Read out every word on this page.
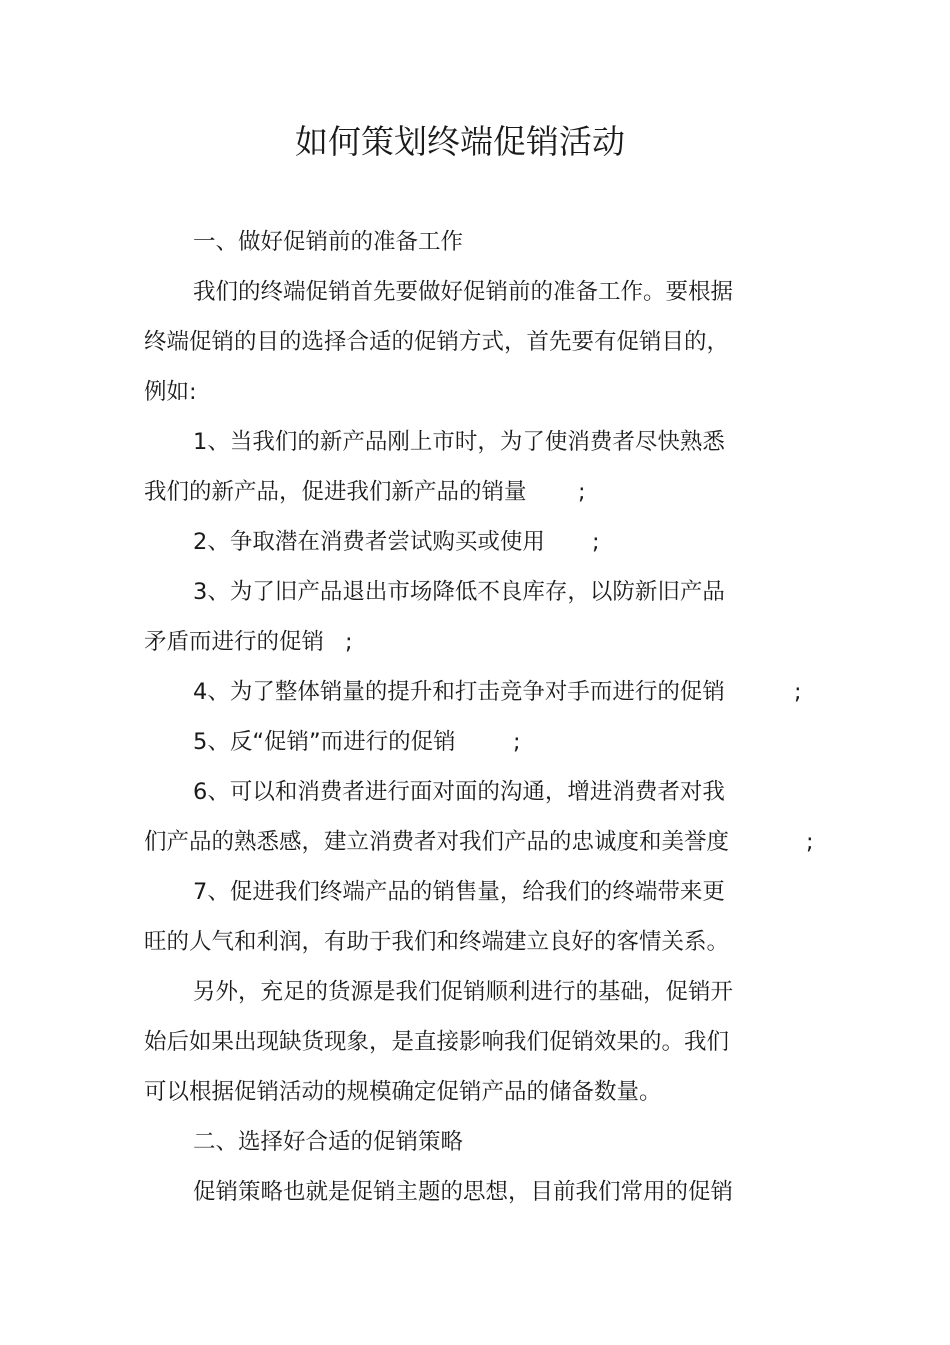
如何策划终端促销活动
一、做好促销前的准备工作
我们的终端促销首先要做好促销前的准备工作。要根据
终端促销的目的选择合适的促销方式，首先要有促销目的，
例如:
1、当我们的新产品刚上市时，为了使消费者尽快熟悉
我们的新产品，促进我们新产品的销量 ;
2、争取潜在消费者尝试购买或使用 ;
3、为了旧产品退出市场降低不良库存，以防新旧产品
矛盾而进行的促销 ;
4、为了整体销量的提升和打击竞争对手而进行的促销	;
5、反“促销”而进行的促销	;
6、可以和消费者进行面对面的沟通，增进消费者对我
们产品的熟悉感，建立消费者对我们产品的忠诚度和美誉度	;
7、促进我们终端产品的销售量，给我们的终端带来更
旺的人气和利润，有助于我们和终端建立良好的客情关系。
另外，充足的货源是我们促销顺利进行的基础，促销开
始后如果出现缺货现象，是直接影响我们促销效果的。我们
可以根据促销活动的规模确定促销产品的储备数量。
二、选择好合适的促销策略
促销策略也就是促销主题的思想，目前我们常用的促销
